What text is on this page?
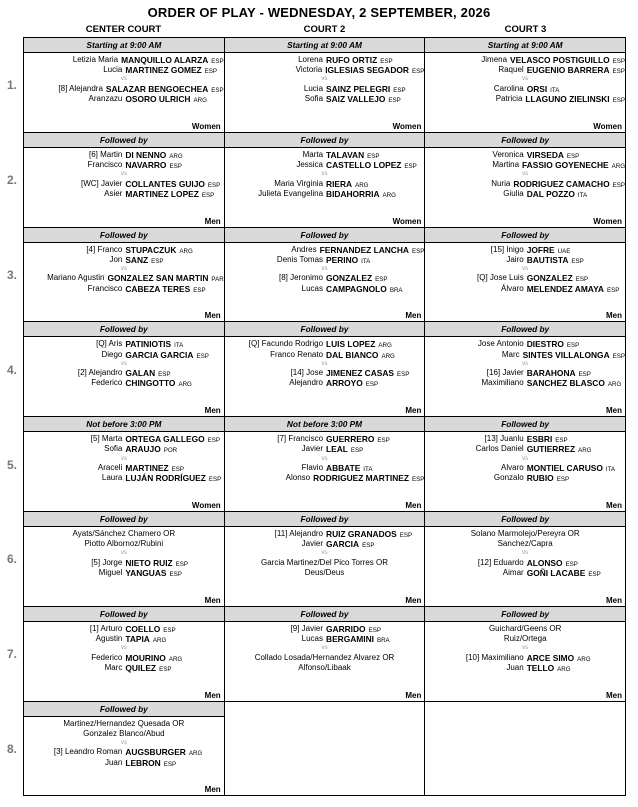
ORDER OF PLAY - WEDNESDAY, 2 SEPTEMBER, 2026
CENTER COURT	COURT 2	COURT 3
Starting at 9:00 AM
Letizia Maria MANQUILLO ALARZA ESP
Lucia MARTINEZ GOMEZ ESP
vs
[8] Alejandra SALAZAR BENGOECHEA ESP
Aranzazu OSORO ULRICH ARG
Women
Starting at 9:00 AM
Lorena RUFO ORTIZ ESP
Victoria IGLESIAS SEGADOR ESP
vs
Lucia SAINZ PELEGRI ESP
Sofia SAIZ VALLEJO ESP
Women
Starting at 9:00 AM
Jimena VELASCO POSTIGUILLO ESP
Raquel EUGENIO BARRERA ESP
vs
Carolina ORSI ITA
Patricia LLAGUNO ZIELINSKI ESP
Women
Followed by
[6] Martin DI NENNO ARG
Francisco NAVARRO ESP
vs
[WC] Javier COLLANTES GUIJO ESP
Asier MARTINEZ LOPEZ ESP
Men
Followed by
Marta TALAVAN ESP
Jessica CASTELLO LOPEZ ESP
vs
Maria Virginia RIERA ARG
Julieta Evangelina BIDAHORRIA ARG
Women
Followed by
Veronica VIRSEDA ESP
Martina FASSIO GOYENECHE ARG
vs
Nuria RODRIGUEZ CAMACHO ESP
Giulia DAL POZZO ITA
Women
Followed by
[4] Franco STUPACZUK ARG
Jon SANZ ESP
vs
Mariano Agustin GONZALEZ SAN MARTIN PAR
Francisco CABEZA TERES ESP
Men
Followed by
Andres FERNANDEZ LANCHA ESP
Denis Tomas PERINO ITA
vs
[8] Jeronimo GONZALEZ ESP
Lucas CAMPAGNOLO BRA
Men
Followed by
[15] Inigo JOFRE UAE
Jairo BAUTISTA ESP
vs
[Q] Jose Luis GONZALEZ ESP
Álvaro MELENDEZ AMAYA ESP
Men
Followed by
[Q] Aris PATINIOTIS ITA
Diego GARCIA GARCIA ESP
vs
[2] Alejandro GALAN ESP
Federico CHINGOTTO ARG
Men
Followed by
[Q] Facundo Rodrigo LUIS LOPEZ ARG
Franco Renato DAL BIANCO ARG
vs
[14] Jose JIMENEZ CASAS ESP
Alejandro ARROYO ESP
Men
Followed by
Jose Antonio DIESTRO ESP
Marc SINTES VILLALONGA ESP
vs
[16] Javier BARAHONA ESP
Maximiliano SANCHEZ BLASCO ARG
Men
Not before 3:00 PM
[5] Marta ORTEGA GALLEGO ESP
Sofia ARAUJO POR
vs
Araceli MARTINEZ ESP
Laura LUJÁN RODRÍGUEZ ESP
Women
Not before 3:00 PM
[7] Francisco GUERRERO ESP
Javier LEAL ESP
vs
Flavio ABBATE ITA
Alonso RODRIGUEZ MARTINEZ ESP
Men
Followed by
[13] Juanlu ESBRI ESP
Carlos Daniel GUTIERREZ ARG
vs
Alvaro MONTIEL CARUSO ITA
Gonzalo RUBIO ESP
Men
Followed by
Ayats/Sánchez Chamero OR
Piotto Albornoz/Rubini
vs
[5] Jorge NIETO RUIZ ESP
Miguel YANGUAS ESP
Men
Followed by
[11] Alejandro RUIZ GRANADOS ESP
Javier GARCIA ESP
vs
Garcia Martinez/Del Pico Torres OR
Deus/Deus
Men
Followed by
Solano Marmolejo/Pereyra OR
Sanchez/Capra
vs
[12] Eduardo ALONSO ESP
Aimar GOÑI LACABE ESP
Men
Followed by
[1] Arturo COELLO ESP
Agustin TAPIA ARG
vs
Federico MOURINO ARG
Marc QUILEZ ESP
Men
Followed by
[9] Javier GARRIDO ESP
Lucas BERGAMINI BRA
vs
Collado Losada/Hernandez Alvarez OR
Alfonso/Libaak
Men
Followed by
Guichard/Geens OR
Ruiz/Ortega
vs
[10] Maximiliano ARCE SIMO ARG
Juan TELLO ARG
Men
Followed by
Martinez/Hernandez Quesada OR
Gonzalez Blanco/Abud
vs
[3] Leandro Roman AUGSBURGER ARG
Juan LEBRON ESP
Men
1.
2.
3.
4.
5.
6.
7.
8.
